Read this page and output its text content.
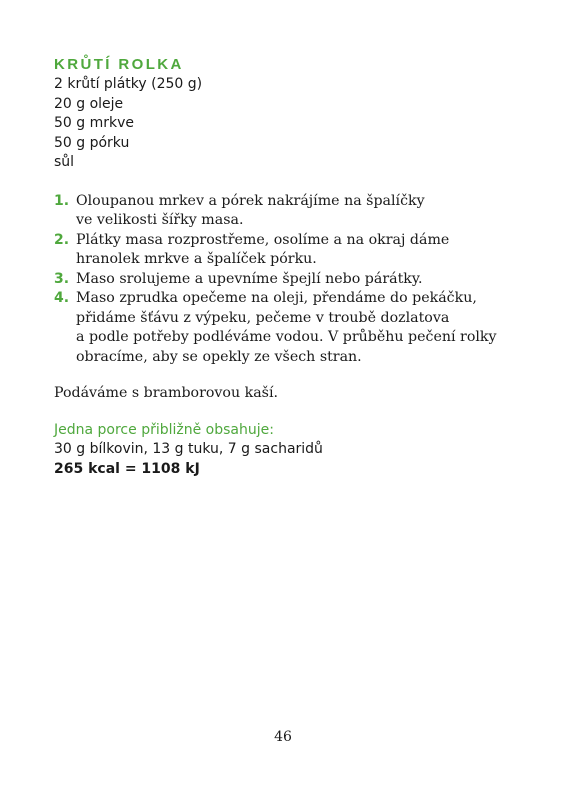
KRŮTÍ ROLKA
2 krůtí plátky (250 g)
20 g oleje
50 g mrkve
50 g pórku
sůl
1. Oloupanou mrkev a pórek nakrájíme na špalíčky
ve velikosti šířky masa.
2. Plátky masa rozprostřeme, osolíme a na okraj dáme
hranolek mrkve a špalíček pórku.
3. Maso srolujeme a upevníme špejlí nebo párátky.
4. Maso zprudka opečeme na oleji, přendáme do pekáčku,
přidáme šťávu z výpeku, pečeme v troubě dozlatova
a podle potřeby podléváme vodou. V průběhu pečení rolky
obracíme, aby se opekly ze všech stran.

Podáváme s bramborovou kaší.

Jedna porce přibližně obsahuje:

30 g bílkovin, 13 g tuku, 7 g sacharidů

265 kcal = 1108 kJ

46
